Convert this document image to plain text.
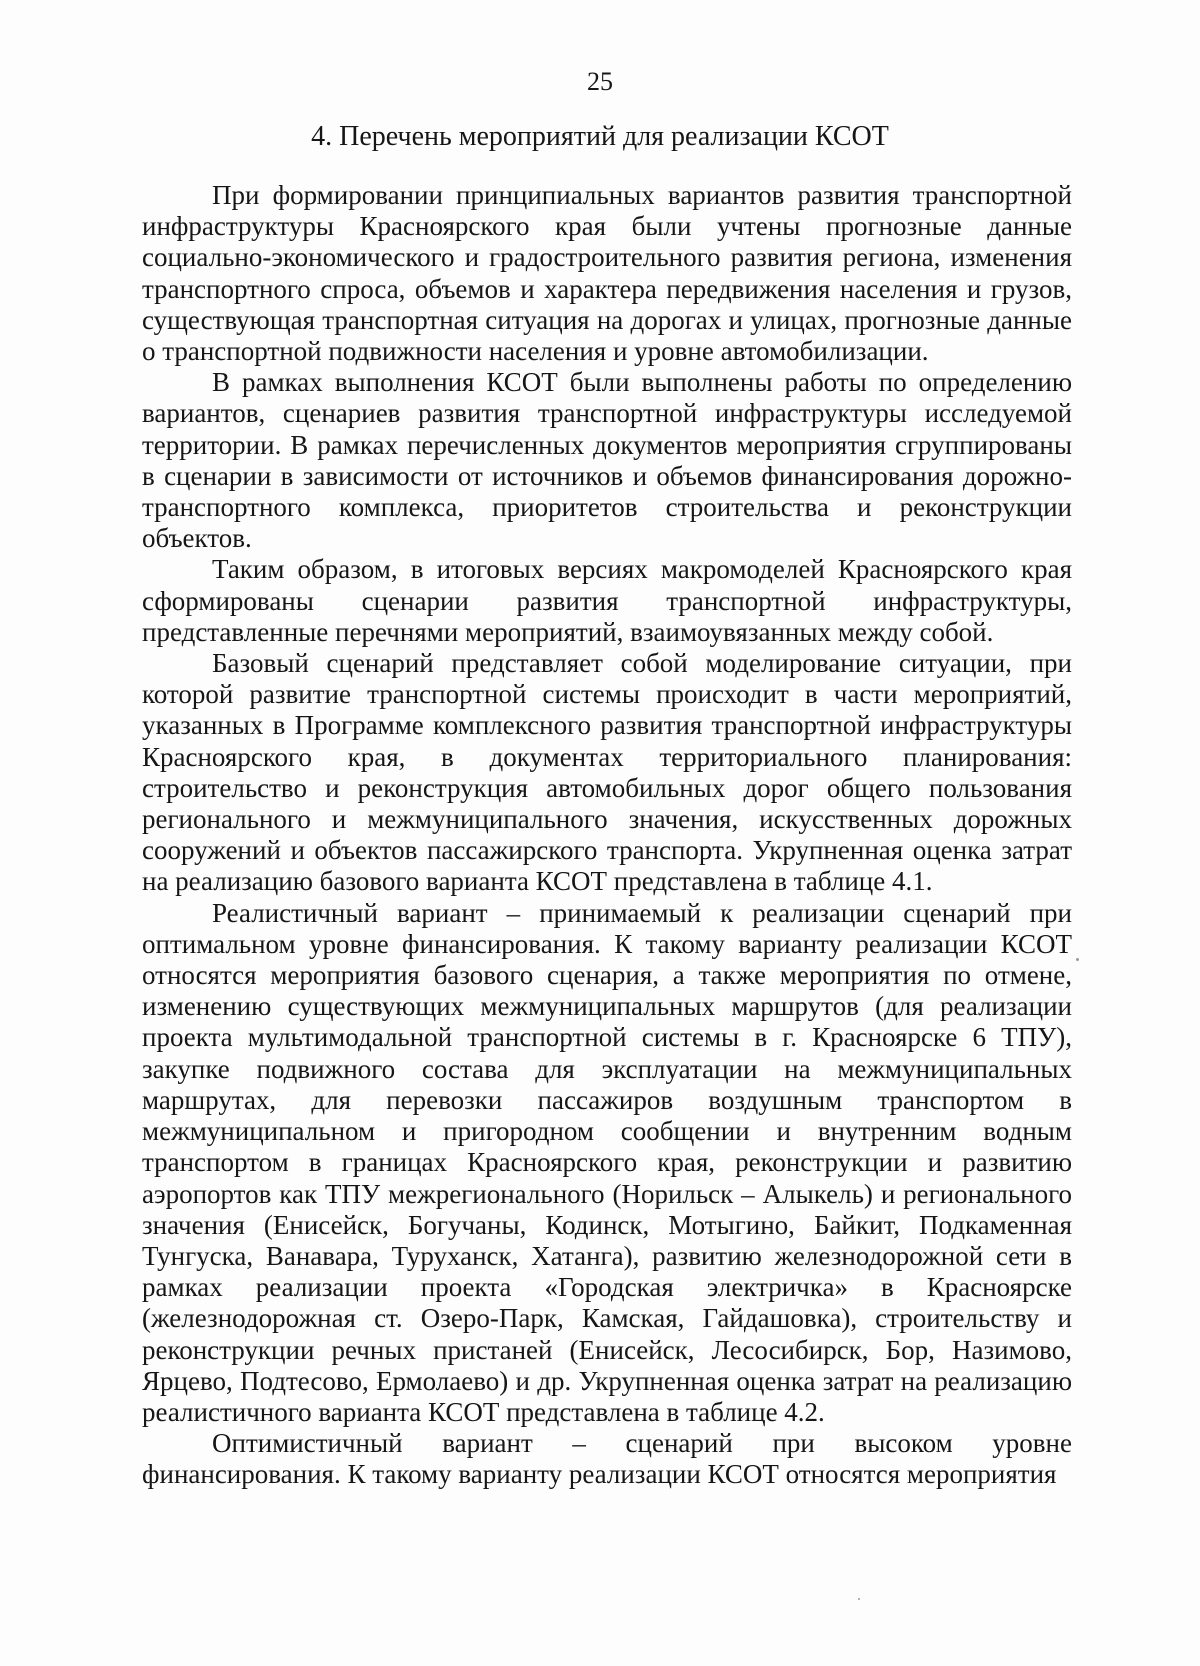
25
4. Перечень мероприятий для реализации КСОТ

При формировании принципиальных вариантов развития транспортной инфраструктуры Красноярского края были учтены прогнозные данные социально-экономического и градостроительного развития региона, изменения транспортного спроса, объемов и характера передвижения населения и грузов, существующая транспортная ситуация на дорогах и улицах, прогнозные данные о транспортной подвижности населения и уровне автомобилизации.

В рамках выполнения КСОТ были выполнены работы по определению вариантов, сценариев развития транспортной инфраструктуры исследуемой территории. В рамках перечисленных документов мероприятия сгруппированы в сценарии в зависимости от источников и объемов финансирования дорожно-транспортного комплекса, приоритетов строительства и реконструкции объектов.

Таким образом, в итоговых версиях макромоделей Красноярского края сформированы сценарии развития транспортной инфраструктуры, представленные перечнями мероприятий, взаимоувязанных между собой.

Базовый сценарий представляет собой моделирование ситуации, при которой развитие транспортной системы происходит в части мероприятий, указанных в Программе комплексного развития транспортной инфраструктуры Красноярского края, в документах территориального планирования: строительство и реконструкция автомобильных дорог общего пользования регионального и межмуниципального значения, искусственных дорожных сооружений и объектов пассажирского транспорта. Укрупненная оценка затрат на реализацию базового варианта КСОТ представлена в таблице 4.1.

Реалистичный вариант – принимаемый к реализации сценарий при оптимальном уровне финансирования. К такому варианту реализации КСОТ относятся мероприятия базового сценария, а также мероприятия по отмене, изменению существующих межмуниципальных маршрутов (для реализации проекта мультимодальной транспортной системы в г. Красноярске 6 ТПУ), закупке подвижного состава для эксплуатации на межмуниципальных маршрутах, для перевозки пассажиров воздушным транспортом в межмуниципальном и пригородном сообщении и внутренним водным транспортом в границах Красноярского края, реконструкции и развитию аэропортов как ТПУ межрегионального (Норильск – Алыкель) и регионального значения (Енисейск, Богучаны, Кодинск, Мотыгино, Байкит, Подкаменная Тунгуска, Ванавара, Туруханск, Хатанга), развитию железнодорожной сети в рамках реализации проекта «Городская электричка» в Красноярске (железнодорожная ст. Озеро-Парк, Камская, Гайдашовка), строительству и реконструкции речных пристаней (Енисейск, Лесосибирск, Бор, Назимово, Ярцево, Подтесово, Ермолаево) и др. Укрупненная оценка затрат на реализацию реалистичного варианта КСОТ представлена в таблице 4.2.

Оптимистичный вариант – сценарий при высоком уровне финансирования. К такому варианту реализации КСОТ относятся мероприятия
